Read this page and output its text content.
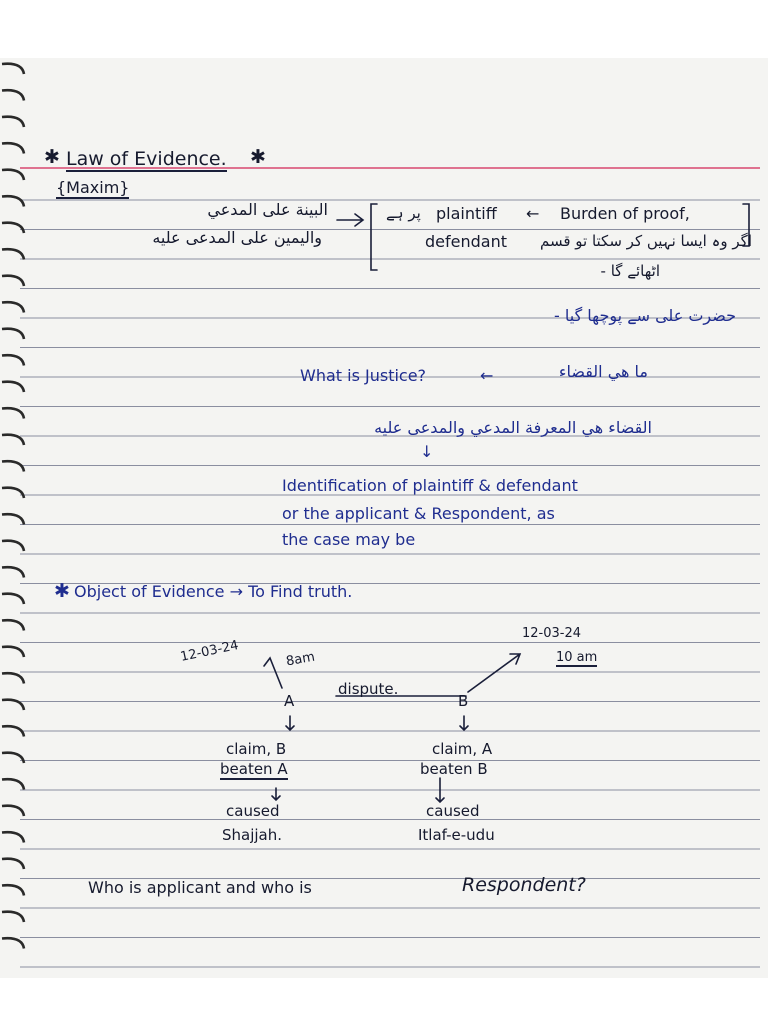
✱ Law of Evidence. ✱
{Maxim}
البينة على المدعي
واليمين على المدعى عليه
پر ہے plaintiff ← Burden of proof,
defendant	اگر وہ ایسا نہیں کر سکتا تو قسم
اٹھائے گا -
حضرت علی سے پوچھا گیا -
What is Justice?	←	ما هي القضاء
القضاء هي المعرفة المدعي والمدعى عليه
↓
Identification of plaintiff & defendant
or the applicant & Respondent, as
the case may be
✱ Object of Evidence → To Find truth.
12-03-24	8am
12-03-24
10 am
dispute.
A	B
claim, B
beaten A
caused
Shajjah.
claim, A
beaten B
caused
Itlaf-e-udu
Who is applicant and who is	Respondent?
